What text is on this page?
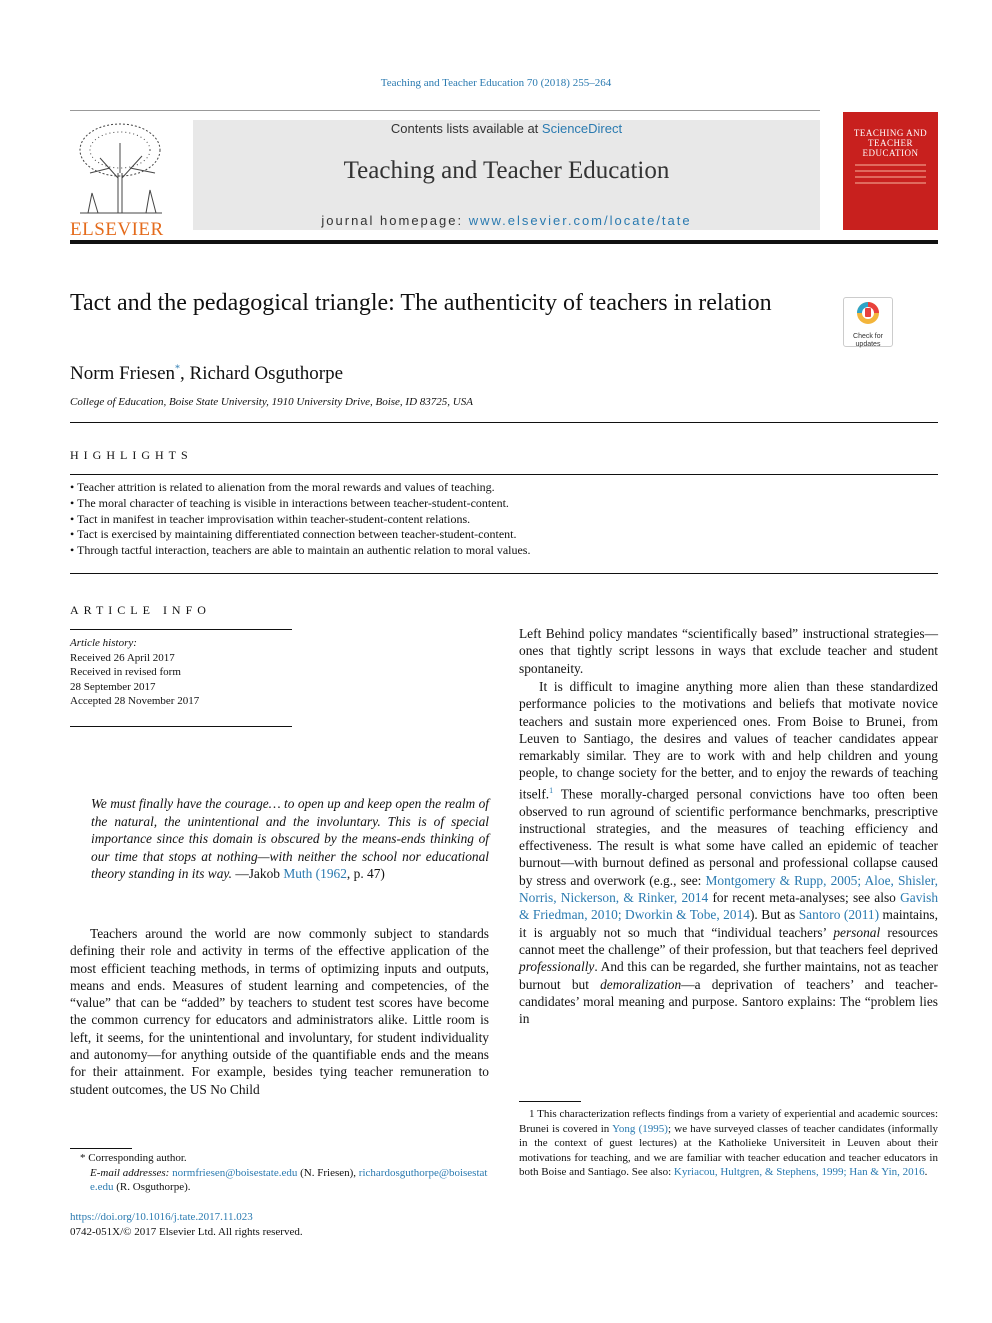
Teaching and Teacher Education 70 (2018) 255–264
ELSEVIER
Contents lists available at ScienceDirect
Teaching and Teacher Education
journal homepage: www.elsevier.com/locate/tate
TEACHING AND TEACHER EDUCATION
Tact and the pedagogical triangle: The authenticity of teachers in relation
Check for updates
Norm Friesen*, Richard Osguthorpe
College of Education, Boise State University, 1910 University Drive, Boise, ID 83725, USA
HIGHLIGHTS
• Teacher attrition is related to alienation from the moral rewards and values of teaching.
• The moral character of teaching is visible in interactions between teacher-student-content.
• Tact in manifest in teacher improvisation within teacher-student-content relations.
• Tact is exercised by maintaining differentiated connection between teacher-student-content.
• Through tactful interaction, teachers are able to maintain an authentic relation to moral values.
ARTICLE INFO
Article history:
Received 26 April 2017
Received in revised form
28 September 2017
Accepted 28 November 2017
We must finally have the courage… to open up and keep open the realm of the natural, the unintentional and the involuntary. This is of special importance since this domain is obscured by the means-ends thinking of our time that stops at nothing—with neither the school nor educational theory standing in its way. —Jakob Muth (1962, p. 47)
Teachers around the world are now commonly subject to standards defining their role and activity in terms of the effective application of the most efficient teaching methods, in terms of optimizing inputs and outputs, means and ends. Measures of student learning and competencies, of the “value” that can be “added” by teachers to student test scores have become the common currency for educators and administrators alike. Little room is left, it seems, for the unintentional and involuntary, for student individuality and autonomy—for anything outside of the quantifiable ends and the means for their attainment. For example, besides tying teacher remuneration to student outcomes, the US No Child
Left Behind policy mandates “scientifically based” instructional strategies—ones that tightly script lessons in ways that exclude teacher and student spontaneity.
It is difficult to imagine anything more alien than these standardized performance policies to the motivations and beliefs that motivate novice teachers and sustain more experienced ones. From Boise to Brunei, from Leuven to Santiago, the desires and values of teacher candidates appear remarkably similar. They are to work with and help children and young people, to change society for the better, and to enjoy the rewards of teaching itself.$^1$ These morally-charged personal convictions have too often been observed to run aground of scientific performance benchmarks, prescriptive instructional strategies, and the measures of teaching efficiency and effectiveness. The result is what some have called an epidemic of teacher burnout—with burnout defined as personal and professional collapse caused by stress and overwork (e.g., see: Montgomery & Rupp, 2005; Aloe, Shisler, Norris, Nickerson, & Rinker, 2014 for recent meta-analyses; see also Gavish & Friedman, 2010; Dworkin & Tobe, 2014). But as Santoro (2011) maintains, it is arguably not so much that “individual teachers’ personal resources cannot meet the challenge” of their profession, but that teachers feel deprived professionally. And this can be regarded, she further maintains, not as teacher burnout but demoralization—a deprivation of teachers’ and teacher-candidates’ moral meaning and purpose. Santoro explains: The “problem lies in
* Corresponding author.
E-mail addresses: normfriesen@boisestate.edu (N. Friesen), richardosguthorpe@boisestate.edu (R. Osguthorpe).
1 This characterization reflects findings from a variety of experiential and academic sources: Brunei is covered in Yong (1995); we have surveyed classes of teacher candidates (informally in the context of guest lectures) at the Katholieke Universiteit in Leuven about their motivations for teaching, and we are familiar with teacher education and teacher educators in both Boise and Santiago. See also: Kyriacou, Hultgren, & Stephens, 1999; Han & Yin, 2016.
https://doi.org/10.1016/j.tate.2017.11.023
0742-051X/© 2017 Elsevier Ltd. All rights reserved.
